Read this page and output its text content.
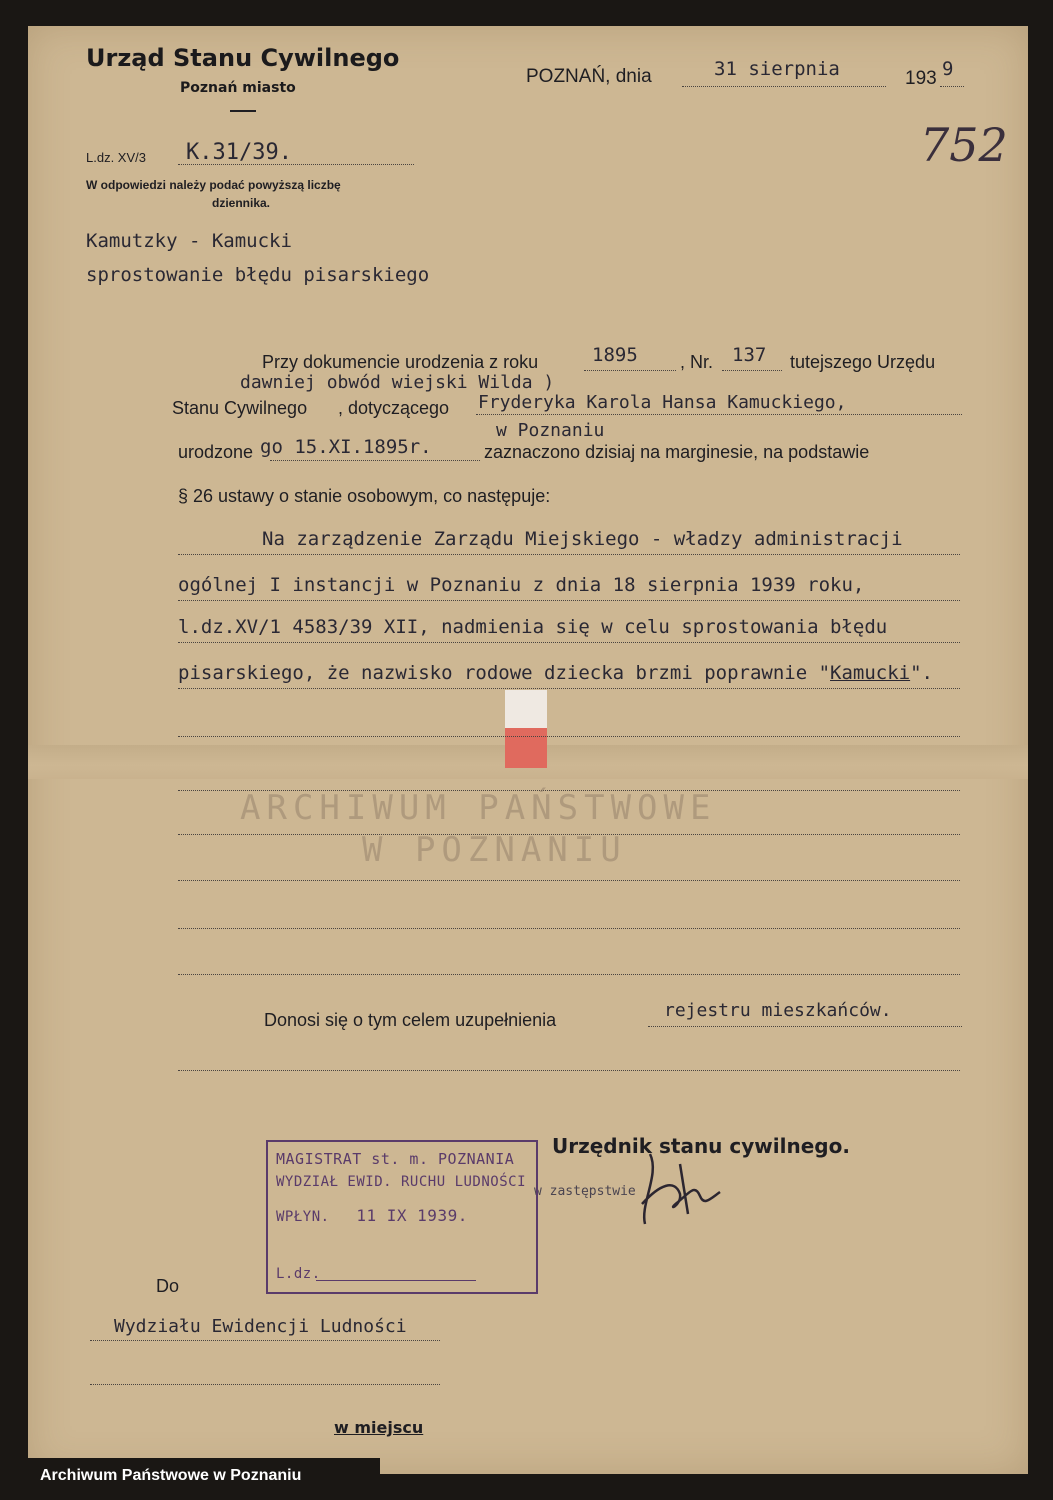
Urząd Stanu Cywilnego
Poznań miasto
POZNAŃ, dnia	31 sierpnia	193 9
752
L.dz. XV/3 K.31/39.
W odpowiedzi należy podać powyższą liczbę
dziennika.
Kamutzky - Kamucki
sprostowanie błędu pisarskiego
Przy dokumencie urodzenia z roku	1895 , Nr. 137 tutejszego Urzędu
dawniej obwód wiejski Wilda )
Stanu Cywilnego , dotyczącego Fryderyka Karola Hansa Kamuckiego,
urodzone go 15.XI.1895r.
w Poznaniu
zaznaczono dzisiaj na marginesie, na podstawie
§ 26 ustawy o stanie osobowym, co następuje:
Na zarządzenie Zarządu Miejskiego - władzy administracji
ogólnej I instancji w Poznaniu z dnia 18 sierpnia 1939 roku,
l.dz.XV/1 4583/39 XII, nadmienia się w celu sprostowania błędu
pisarskiego, że nazwisko rodowe dziecka brzmi poprawnie "Kamucki".
ARCHIWUM PAŃSTWOWE
W POZNANIU
Donosi się o tym celem uzupełnienia	rejestru mieszkańców.
Urzędnik stanu cywilnego.
w zastępstwie
MAGISTRAT st. m. POZNANIA
WYDZIAŁ EWID. RUCHU LUDNOŚCI
WPŁYN. 11 IX 1939.
L.dz.
Do
Wydziału Ewidencji Ludności
w miejscu
Archiwum Państwowe w Poznaniu
